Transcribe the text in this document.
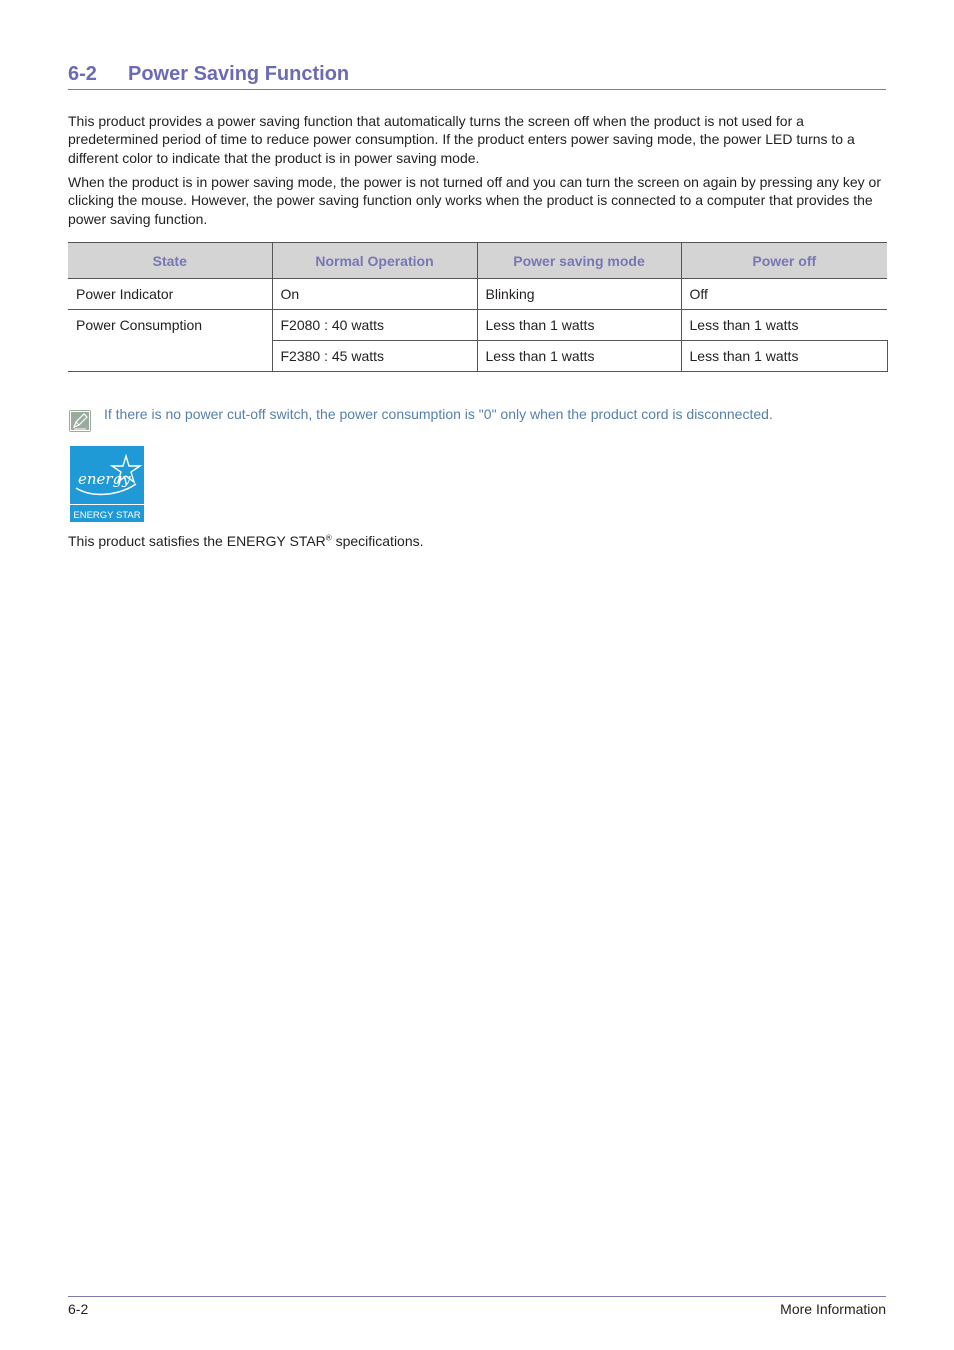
6-2 Power Saving Function

This product provides a power saving function that automatically turns the screen off when the product is not used for a predetermined period of time to reduce power consumption. If the product enters power saving mode, the power LED turns to a different color to indicate that the product is in power saving mode.

When the product is in power saving mode, the power is not turned off and you can turn the screen on again by pressing any key or clicking the mouse. However, the power saving function only works when the product is connected to a computer that provides the power saving function.

State	Normal Operation	Power saving mode	Power off
Power Indicator	On	Blinking	Off
Power Consumption	F2080 : 40 watts	Less than 1 watts	Less than 1 watts
	F2380 : 45 watts	Less than 1 watts	Less than 1 watts
If there is no power cut-off switch, the power consumption is "0" only when the product cord is disconnected.
energy
ENERGY STAR
This product satisfies the ENERGY STAR® specifications.
6-2	More Information
